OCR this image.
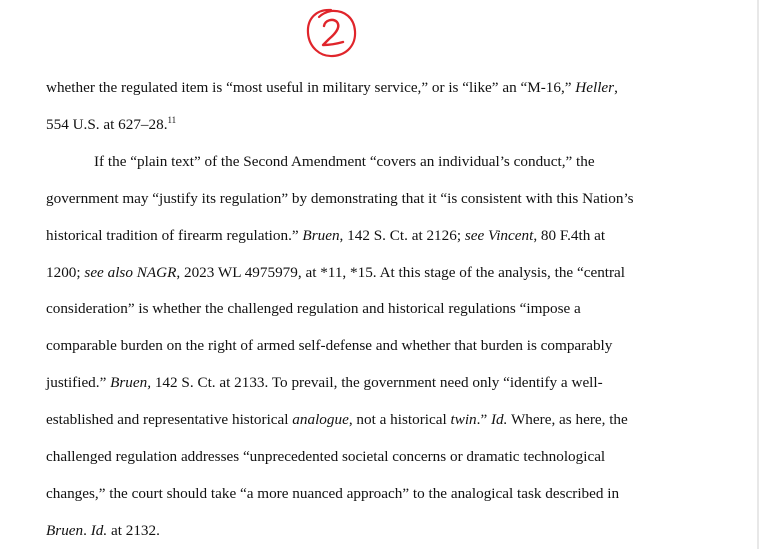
whether the regulated item is “most useful in military service,” or is “like” an “M-16,” Heller,
554 U.S. at 627–28.11
If the “plain text” of the Second Amendment “covers an individual’s conduct,” the
government may “justify its regulation” by demonstrating that it “is consistent with this Nation’s
historical tradition of firearm regulation.” Bruen, 142 S. Ct. at 2126; see Vincent, 80 F.4th at
1200; see also NAGR, 2023 WL 4975979, at *11, *15. At this stage of the analysis, the “central
consideration” is whether the challenged regulation and historical regulations “impose a
comparable burden on the right of armed self-defense and whether that burden is comparably
justified.” Bruen, 142 S. Ct. at 2133. To prevail, the government need only “identify a well-
established and representative historical analogue, not a historical twin.” Id. Where, as here, the
challenged regulation addresses “unprecedented societal concerns or dramatic technological
changes,” the court should take “a more nuanced approach” to the analogical task described in
Bruen. Id. at 2132.
